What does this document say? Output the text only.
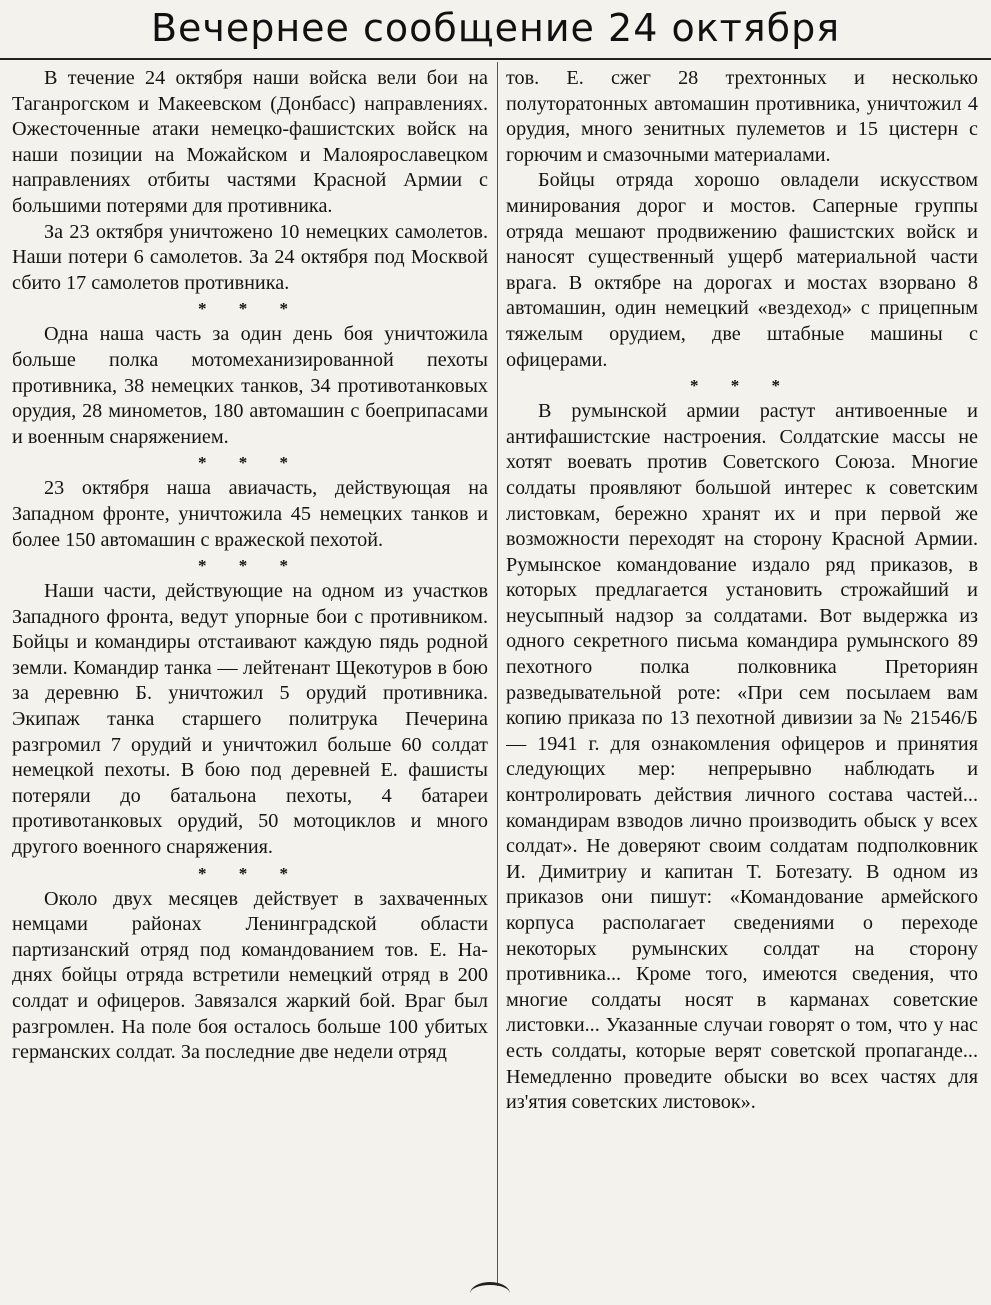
Вечернее сообщение 24 октября

В течение 24 октября наши войска вели бои на Таганрогском и Макеевском (Донбасс) направлениях. Ожесточенные атаки немецко-фашистских войск на наши позиции на Можайском и Малоярославецком направлениях отбиты частями Красной Армии с большими потерями для противника.

За 23 октября уничтожено 10 немецких самолетов. Наши потери 6 самолетов. За 24 октября под Москвой сбито 17 самолетов противника.

* * *

Одна наша часть за один день боя уничтожила больше полка мотомеханизированной пехоты противника, 38 немецких танков, 34 противотанковых орудия, 28 минометов, 180 автомашин с боеприпасами и военным снаряжением.

* * *

23 октября наша авиачасть, действующая на Западном фронте, уничтожила 45 немецких танков и более 150 автомашин с вражеской пехотой.

* * *

Наши части, действующие на одном из участков Западного фронта, ведут упорные бои с противником. Бойцы и командиры отстаивают каждую пядь родной земли. Командир танка — лейтенант Щекотуров в бою за деревню Б. уничтожил 5 орудий противника. Экипаж танка старшего политрука Печерина разгромил 7 орудий и уничтожил больше 60 солдат немецкой пехоты. В бою под деревней Е. фашисты потеряли до батальона пехоты, 4 батареи противотанковых орудий, 50 мотоциклов и много другого военного снаряжения.

* * *

Около двух месяцев действует в захваченных немцами районах Ленинградской области партизанский отряд под командованием тов. Е. На-днях бойцы отряда встретили немецкий отряд в 200 солдат и офицеров. Завязался жаркий бой. Враг был разгромлен. На поле боя осталось больше 100 убитых германских солдат. За последние две недели отряд

тов. Е. сжег 28 трехтонных и несколько полуторатонных автомашин противника, уничтожил 4 орудия, много зенитных пулеметов и 15 цистерн с горючим и смазочными материалами.

Бойцы отряда хорошо овладели искусством минирования дорог и мостов. Саперные группы отряда мешают продвижению фашистских войск и наносят существенный ущерб материальной части врага. В октябре на дорогах и мостах взорвано 8 автомашин, один немецкий «вездеход» с прицепным тяжелым орудием, две штабные машины с офицерами.

* * *

В румынской армии растут антивоенные и антифашистские настроения. Солдатские массы не хотят воевать против Советского Союза. Многие солдаты проявляют большой интерес к советским листовкам, бережно хранят их и при первой же возможности переходят на сторону Красной Армии. Румынское командование издало ряд приказов, в которых предлагается установить строжайший и неусыпный надзор за солдатами. Вот выдержка из одного секретного письма командира румынского 89 пехотного полка полковника Преториян разведывательной роте: «При сем посылаем вам копию приказа по 13 пехотной дивизии за № 21546/Б — 1941 г. для ознакомления офицеров и принятия следующих мер: непрерывно наблюдать и контролировать действия личного состава частей... командирам взводов лично производить обыск у всех солдат». Не доверяют своим солдатам подполковник И. Димитриу и капитан Т. Ботезату. В одном из приказов они пишут: «Командование армейского корпуса располагает сведениями о переходе некоторых румынских солдат на сторону противника... Кроме того, имеются сведения, что многие солдаты носят в карманах советские листовки... Указанные случаи говорят о том, что у нас есть солдаты, которые верят советской пропаганде... Немедленно проведите обыски во всех частях для из'ятия советских листовок».
